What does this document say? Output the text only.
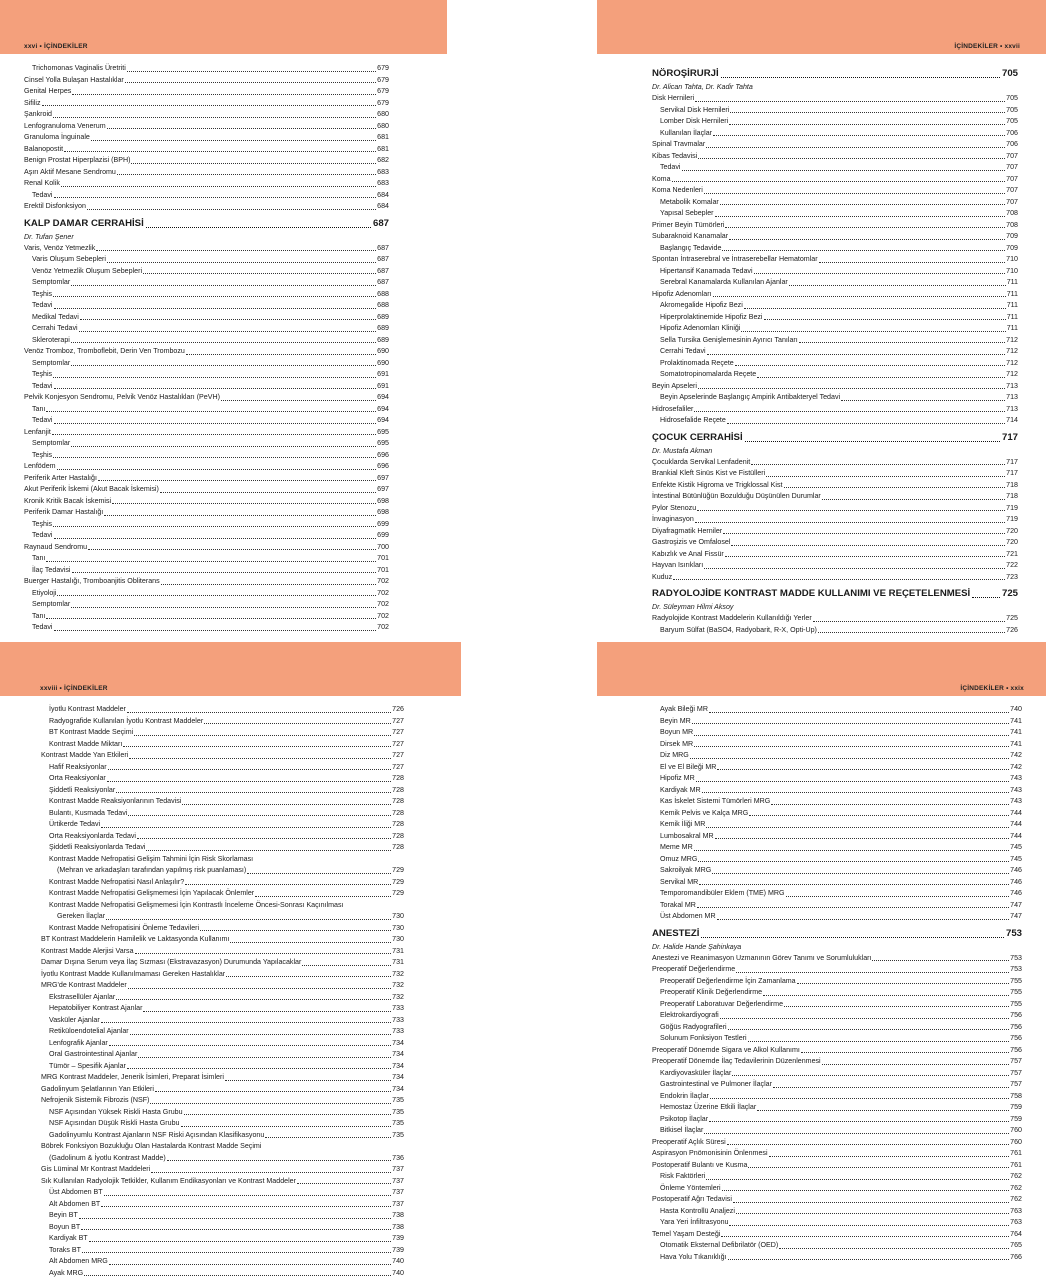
xxvi • İÇİNDEKİLER
Trichomonas Vaginalis Üretriti	679
Cinsel Yolla Bulaşan Hastalıklar	679
Genital Herpes	679
Sifiliz	679
Şankroid	680
Lenfogranuloma Venerum	680
Granuloma İnguinale	681
Balanopostit	681
Benign Prostat Hiperplazisi (BPH)	682
Aşırı Aktif Mesane Sendromu	683
Renal Kolik	683
Tedavi	684
Erektil Disfonksiyon	684
KALP DAMAR CERRAHİSİ	687
Dr. Tufan Şener
Varis, Venöz Yetmezlik	687
Varis Oluşum Sebepleri	687
Venöz Yetmezlik Oluşum Sebepleri	687
Semptomlar	687
Teşhis	688
Tedavi	688
Medikal Tedavi	689
Cerrahi Tedavi	689
Skleroterapi	689
Venöz Tromboz, Tromboflebit, Derin Ven Trombozu	690
Semptomlar	690
Teşhis	691
Tedavi	691
Pelvik Konjesyon Sendromu, Pelvik Venöz Hastalıkları (PeVH)	694
Tanı	694
Tedavi	694
Lenfanjit	695
Semptomlar	695
Teşhis	696
Lenfödem	696
Periferik Arter Hastalığı	697
Akut Periferik İskemi (Akut Bacak İskemisi)	697
Kronik Kritik Bacak İskemisi	698
Periferik Damar Hastalığı	698
Teşhis	699
Tedavi	699
Raynaud Sendromu	700
Tanı	701
İlaç Tedavisi	701
Buerger Hastalığı, Tromboanjitis Obliterans	702
Etiyoloji	702
Semptomlar	702
Tanı	702
Tedavi	702
İÇİNDEKİLER • xxvii
NÖROŞİRURJİ	705
Dr. Alican Tahta, Dr. Kadir Tahta
Disk Hernileri	705
Servikal Disk Hernileri	705
Lomber Disk Hernileri	705
Kullanılan İlaçlar	706
Spinal Travmalar	706
Kibas Tedavisi	707
Tedavi	707
Koma	707
Koma Nedenleri	707
Metabolik Komalar	707
Yapısal Sebepler	708
Primer Beyin Tümörleri	708
Subaraknoid Kanamalar	709
Başlangıç Tedavide	709
Spontan İntraserebral ve İntraserebellar Hematomlar	710
Hipertansif Kanamada Tedavi	710
Serebral Kanamalarda Kullanılan Ajanlar	711
Hipofiz Adenomları	711
Akromegalide Hipofiz Bezi	711
Hiperprolaktinemide Hipofiz Bezi	711
Hipofiz Adenomları Kliniği	711
Sella Tursika Genişlemesinin Ayırıcı Tanıları	712
Cerrahi Tedavi	712
Prolaktinomada Reçete	712
Somatotropinomalarda Reçete	712
Beyin Apseleri	713
Beyin Apselerinde Başlangıç Ampirik Antibakteryel Tedavi	713
Hidrosefaliler	713
Hidrosefalide Reçete	714
ÇOCUK CERRAHİSİ	717
Dr. Mustafa Akman
Çocuklarda Servikal Lenfadenit	717
Brankial Kleft Sinüs Kist ve Fistülleri	717
Enfekte Kistik Higroma ve Trigklossal Kist	718
İntestinal Bütünlüğün Bozulduğu Düşünülen Durumlar	718
Pylor Stenozu	719
İnvaginasyon	719
Diyafragmatik Herniler	720
Gastroşizis ve Omfalosel	720
Kabızlık ve Anal Fissür	721
Hayvan Isırıkları	722
Kuduz	723
RADYOLOJİDE KONTRAST MADDE KULLANIMI VE REÇETELENMESİ	725
Dr. Süleyman Hilmi Aksoy
Radyolojide Kontrast Maddelerin Kullanıldığı Yerler	725
Baryum Sülfat (BaSO4, Radyobarit, R-X, Opti-Up)	726
xxviii • İÇİNDEKİLER
İyotlu Kontrast Maddeler	726
Radyografide Kullanılan İyotlu Kontrast Maddeler	727
BT Kontrast Madde Seçimi	727
Kontrast Madde Miktarı	727
Kontrast Madde Yan Etkileri	727
Hafif Reaksiyonlar	727
Orta Reaksiyonlar	728
Şiddetli Reaksiyonlar	728
Kontrast Madde Reaksiyonlarının Tedavisi	728
Bulantı, Kusmada Tedavi	728
Ürtikerde Tedavi	728
Orta Reaksiyonlarda Tedavi	728
Şiddetli Reaksiyonlarda Tedavi	728
Kontrast Madde Nefropatisi Gelişim Tahmini İçin Risk Skorlaması
(Mehran ve arkadaşları tarafından yapılmış risk puanlaması)	729
Kontrast Madde Nefropatisi Nasıl Anlaşılır?	729
Kontrast Madde Nefropatisi Gelişmemesi İçin Yapılacak Önlemler	729
Kontrast Madde Nefropatisi Gelişmemesi İçin Kontrastlı İnceleme Öncesi-Sonrası Kaçınılması
Gereken İlaçlar	730
Kontrast Madde Nefropatisini Önleme Tedavileri	730
BT Kontrast Maddelerin Hamilelik ve Laktasyonda Kullanımı	730
Kontrast Madde Alerjisi Varsa	731
Damar Dışına Serum veya İlaç Sızması (Ekstravazasyon) Durumunda Yapılacaklar	731
İyotlu Kontrast Madde Kullanılmaması Gereken Hastalıklar	732
MRG'de Kontrast Maddeler	732
Ekstrasellüler Ajanlar	732
Hepatobiliyer Kontrast Ajanlar	733
Vasküler Ajanlar	733
Retiküloendotelial Ajanlar	733
Lenfografik Ajanlar	734
Oral Gastrointestinal Ajanlar	734
Tümör – Spesifik Ajanlar	734
MRG Kontrast Maddeler, Jenerik İsimleri, Preparat İsimleri	734
Gadolinyum Şelatlarının Yan Etkileri	734
Nefrojenik Sistemik Fibrozis (NSF)	735
NSF Açısından Yüksek Riskli Hasta Grubu	735
NSF Açısından Düşük Riskli Hasta Grubu	735
Gadolinyumlu Kontrast Ajanların NSF Riski Açısından Klasifikasyonu	735
Böbrek Fonksiyon Bozukluğu Olan Hastalarda Kontrast Madde Seçimi
(Gadolinum & İyotlu Kontrast Madde)	736
Gis Lüminal Mr Kontrast Maddeleri	737
Sık Kullanılan Radyolojik Tetkikler, Kullanım Endikasyonları ve Kontrast Maddeler	737
Üst Abdomen BT	737
Alt Abdomen BT	737
Beyin BT	738
Boyun BT	738
Kardiyak BT	739
Toraks BT	739
Alt Abdomen MRG	740
Ayak MRG	740
İÇİNDEKİLER • xxix
Ayak Bileği MR	740
Beyin MR	741
Boyun MR	741
Dirsek MR	741
Diz MRG	742
El ve El Bileği MR	742
Hipofiz MR	743
Kardiyak MR	743
Kas İskelet Sistemi Tümörleri MRG	743
Kemik Pelvis ve Kalça MRG	744
Kemik İliği MR	744
Lumbosakral MR	744
Meme MR	745
Omuz MRG	745
Sakroilyak MRG	746
Servikal MR	746
Temporomandibüler Eklem (TME) MRG	746
Torakal MR	747
Üst Abdomen MR	747
ANESTEZİ	753
Dr. Halide Hande Şahinkaya
Anestezi ve Reanimasyon Uzmanının Görev Tanımı ve Sorumlulukları	753
Preoperatif Değerlendirme	753
Preoperatif Değerlendirme İçin Zamanlama	755
Preoperatif Klinik Değerlendirme	755
Preoperatif Laboratuvar Değerlendirme	755
Elektrokardiyografi	756
Göğüs Radyografileri	756
Solunum Fonksiyon Testleri	756
Preoperatif Dönemde Sigara ve Alkol Kullanımı	756
Preoperatif Dönemde İlaç Tedavilerinin Düzenlenmesi	757
Kardiyovasküler İlaçlar	757
Gastrointestinal ve Pulmoner İlaçlar	757
Endokrin İlaçlar	758
Hemostaz Üzerine Etkili İlaçlar	759
Psikotop İlaçlar	759
Bitkisel İlaçlar	760
Preoperatif Açlık Süresi	760
Aspirasyon Pnömonisinin Önlenmesi	761
Postoperatif Bulantı ve Kusma	761
Risk Faktörleri	762
Önleme Yöntemleri	762
Postoperatif Ağrı Tedavisi	762
Hasta Kontrollü Analjezi	763
Yara Yeri İnfiltrasyonu	763
Temel Yaşam Desteği	764
Otomatik Eksternal Defibrilatör (OED)	765
Hava Yolu Tıkanıklığı	766
